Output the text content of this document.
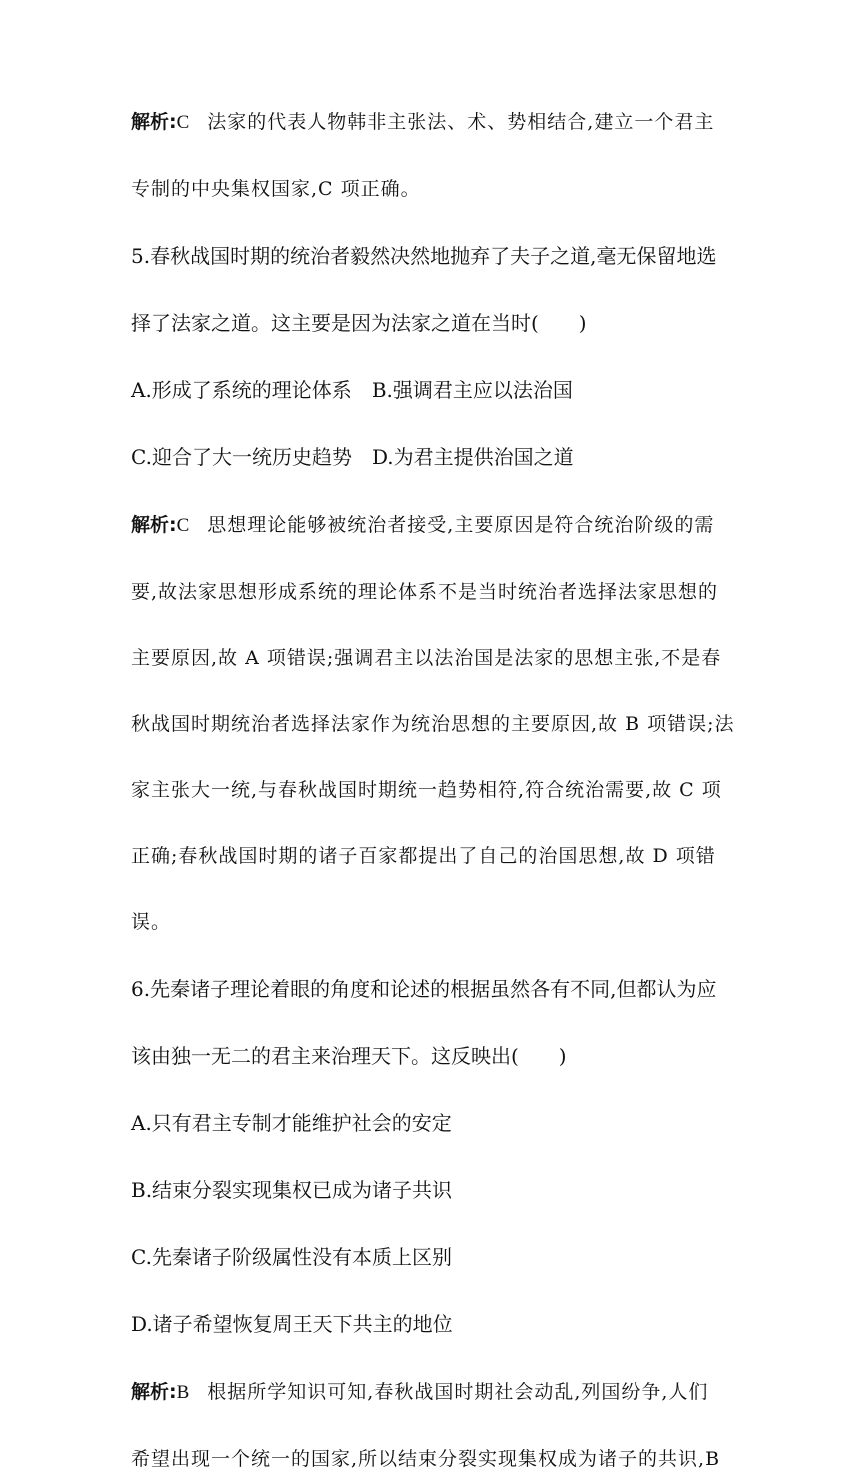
解析:C 法家的代表人物韩非主张法、术、势相结合,建立一个君主

专制的中央集权国家,C 项正确。

5.春秋战国时期的统治者毅然决然地抛弃了夫子之道,毫无保留地选

择了法家之道。这主要是因为法家之道在当时(　　)

A.形成了系统的理论体系 B.强调君主应以法治国

C.迎合了大一统历史趋势 D.为君主提供治国之道

解析:C 思想理论能够被统治者接受,主要原因是符合统治阶级的需

要,故法家思想形成系统的理论体系不是当时统治者选择法家思想的

主要原因,故 A 项错误;强调君主以法治国是法家的思想主张,不是春

秋战国时期统治者选择法家作为统治思想的主要原因,故 B 项错误;法

家主张大一统,与春秋战国时期统一趋势相符,符合统治需要,故 C 项

正确;春秋战国时期的诸子百家都提出了自己的治国思想,故 D 项错

误。

6.先秦诸子理论着眼的角度和论述的根据虽然各有不同,但都认为应

该由独一无二的君主来治理天下。这反映出(　　)

A.只有君主专制才能维护社会的安定

B.结束分裂实现集权已成为诸子共识

C.先秦诸子阶级属性没有本质上区别

D.诸子希望恢复周王天下共主的地位

解析:B 根据所学知识可知,春秋战国时期社会动乱,列国纷争,人们

希望出现一个统一的国家,所以结束分裂实现集权成为诸子的共识,B
